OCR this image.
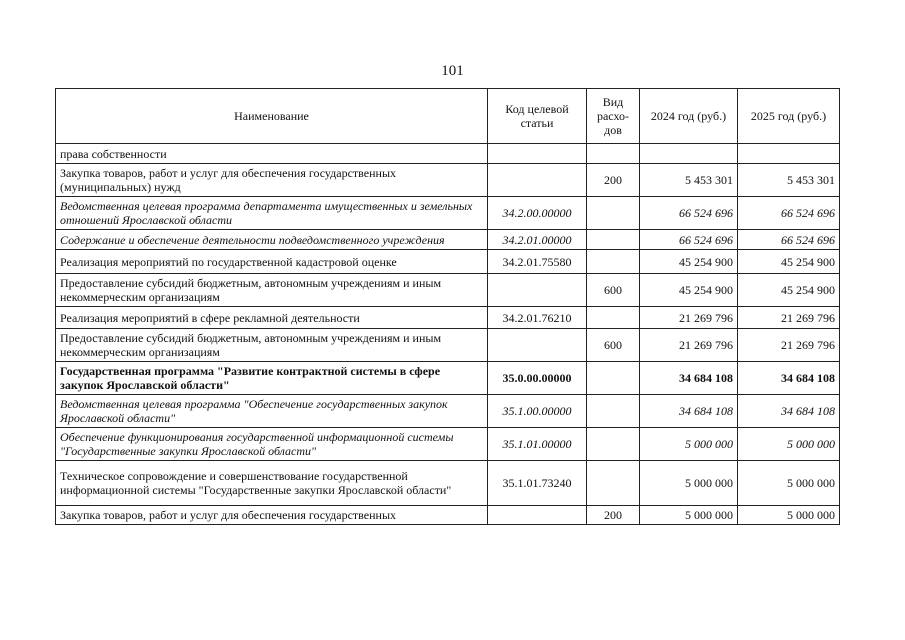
101
Наименование	Код целевой статьи	Вид расхо-дов	2024 год (руб.)	2025 год (руб.)
права собственности				
Закупка товаров, работ и услуг для обеспечения государственных (муниципальных) нужд		200	5 453 301	5 453 301
Ведомственная целевая программа департамента имущественных и земельных отношений Ярославской области	34.2.00.00000		66 524 696	66 524 696
Содержание и обеспечение деятельности подведомственного учреждения	34.2.01.00000		66 524 696	66 524 696
Реализация мероприятий по государственной кадастровой оценке	34.2.01.75580		45 254 900	45 254 900
Предоставление субсидий бюджетным, автономным учреждениям и иным некоммерческим организациям		600	45 254 900	45 254 900
Реализация мероприятий в сфере рекламной деятельности	34.2.01.76210		21 269 796	21 269 796
Предоставление субсидий бюджетным, автономным учреждениям и иным некоммерческим организациям		600	21 269 796	21 269 796
Государственная программа "Развитие контрактной системы в сфере закупок Ярославской области"	35.0.00.00000		34 684 108	34 684 108
Ведомственная целевая программа "Обеспечение государственных закупок Ярославской области"	35.1.00.00000		34 684 108	34 684 108
Обеспечение функционирования государственной информационной системы "Государственные закупки Ярославской области"	35.1.01.00000		5 000 000	5 000 000
Техническое сопровождение и совершенствование государственной информационной системы "Государственные закупки Ярославской области"	35.1.01.73240		5 000 000	5 000 000
Закупка товаров, работ и услуг для обеспечения государственных		200	5 000 000	5 000 000
